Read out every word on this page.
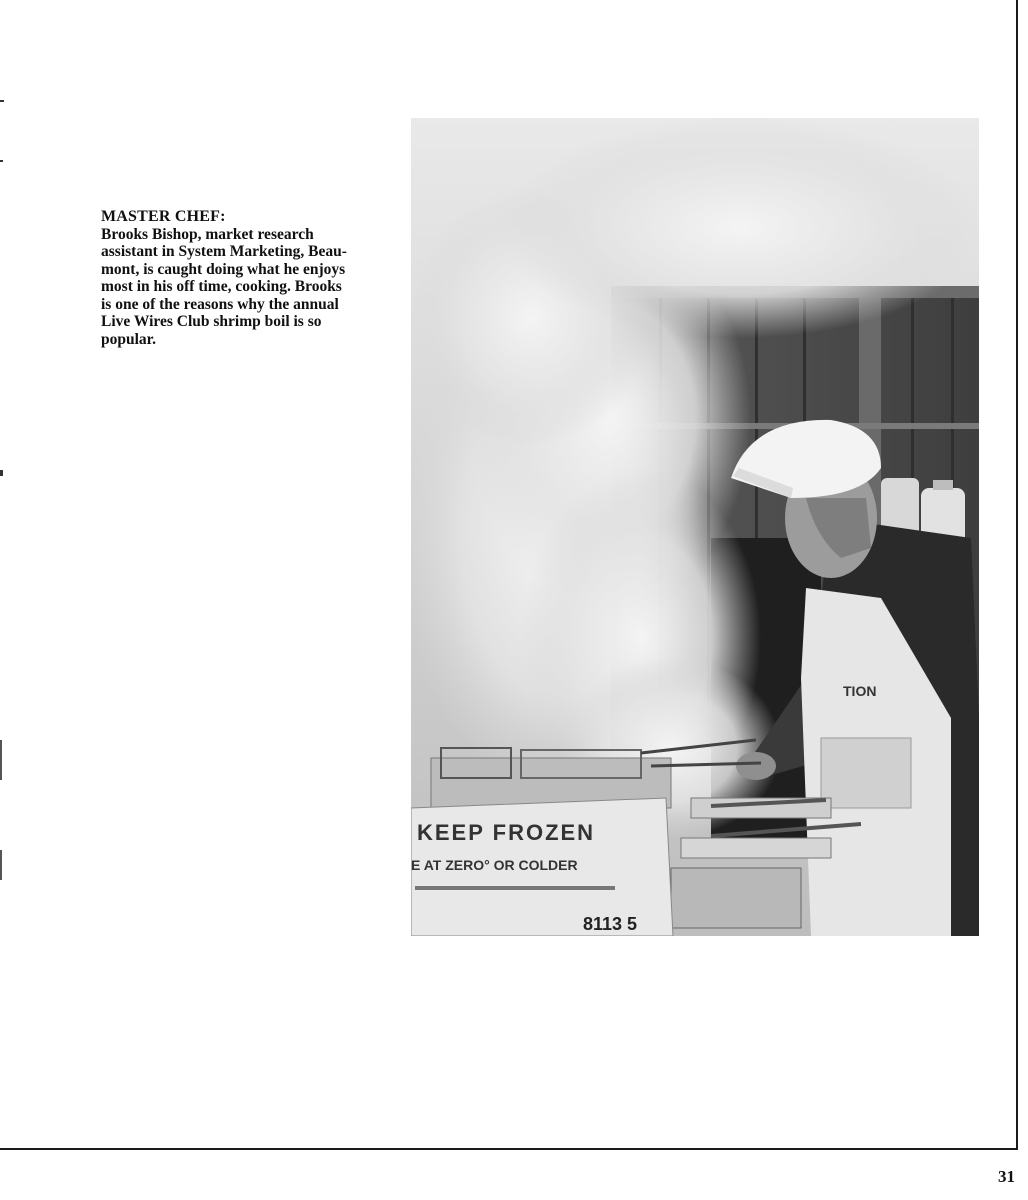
MASTER CHEF:
Brooks Bishop, market research
assistant in System Marketing, Beau-
mont, is caught doing what he enjoys
most in his off time, cooking. Brooks
is one of the reasons why the annual
Live Wires Club shrimp boil is so
popular.
TION
KEEP FROZEN
E AT ZERO° OR COLDER
8113 5
31
